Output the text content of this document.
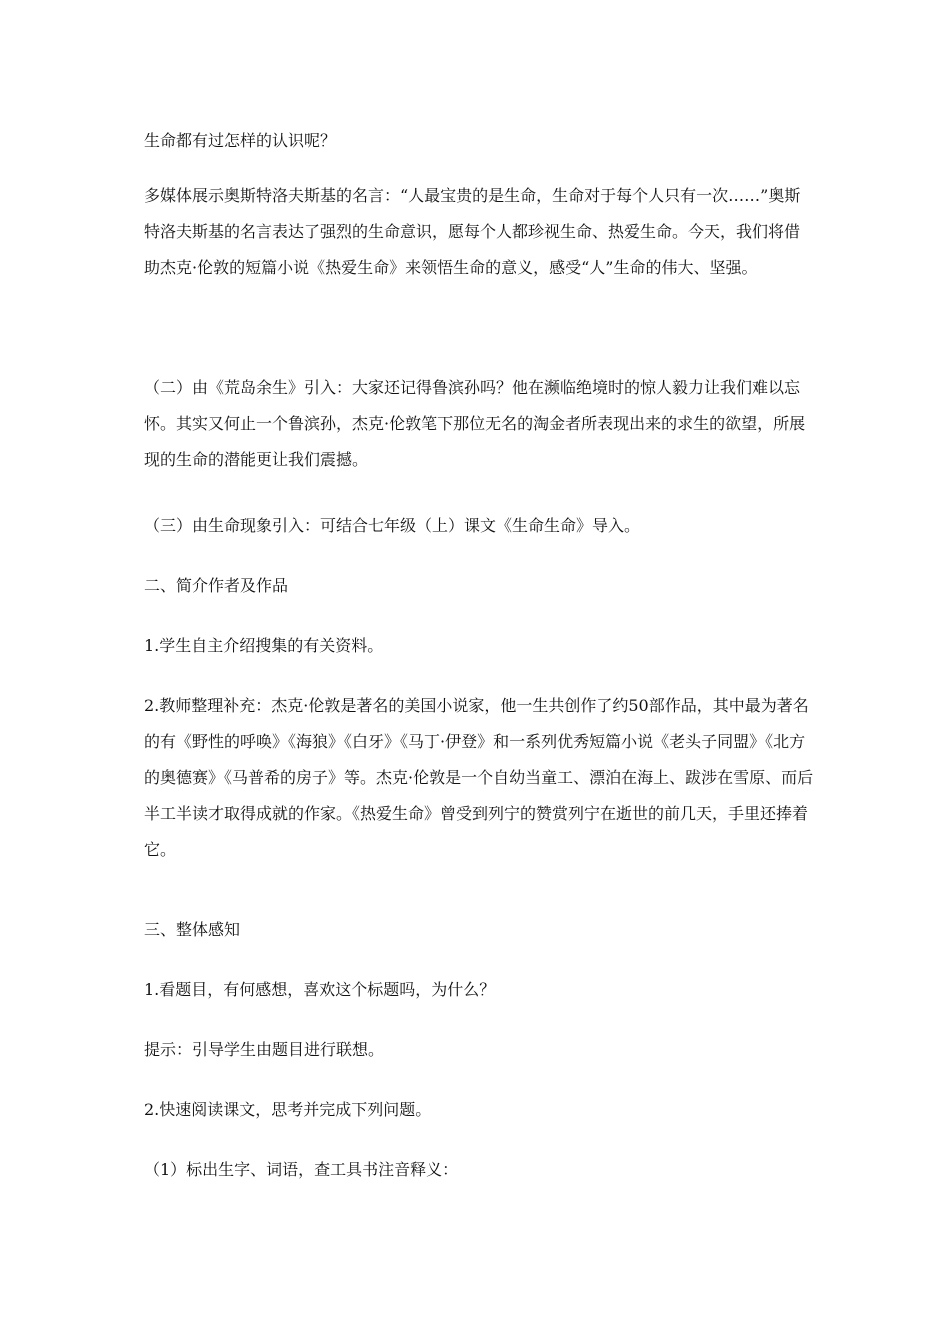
生命都有过怎样的认识呢？

多媒体展示奥斯特洛夫斯基的名言：“人最宝贵的是生命，生命对于每个人只有一次……”奥斯特洛夫斯基的名言表达了强烈的生命意识，愿每个人都珍视生命、热爱生命。今天，我们将借助杰克·伦敦的短篇小说《热爱生命》来领悟生命的意义，感受“人”生命的伟大、坚强。

（二）由《荒岛余生》引入：大家还记得鲁滨孙吗？他在濒临绝境时的惊人毅力让我们难以忘怀。其实又何止一个鲁滨孙，杰克·伦敦笔下那位无名的淘金者所表现出来的求生的欲望，所展现的生命的潜能更让我们震撼。

（三）由生命现象引入：可结合七年级（上）课文《生命生命》导入。

二、简介作者及作品

1.学生自主介绍搜集的有关资料。

2.教师整理补充：杰克·伦敦是著名的美国小说家，他一生共创作了约50部作品，其中最为著名的有《野性的呼唤》《海狼》《白牙》《马丁·伊登》和一系列优秀短篇小说《老头子同盟》《北方的奥德赛》《马普希的房子》等。杰克·伦敦是一个自幼当童工、漂泊在海上、跋涉在雪原、而后半工半读才取得成就的作家。《热爱生命》曾受到列宁的赞赏列宁在逝世的前几天，手里还捧着它。

三、整体感知

1.看题目，有何感想，喜欢这个标题吗，为什么？

提示：引导学生由题目进行联想。

2.快速阅读课文，思考并完成下列问题。

（1）标出生字、词语，查工具书注音释义：
